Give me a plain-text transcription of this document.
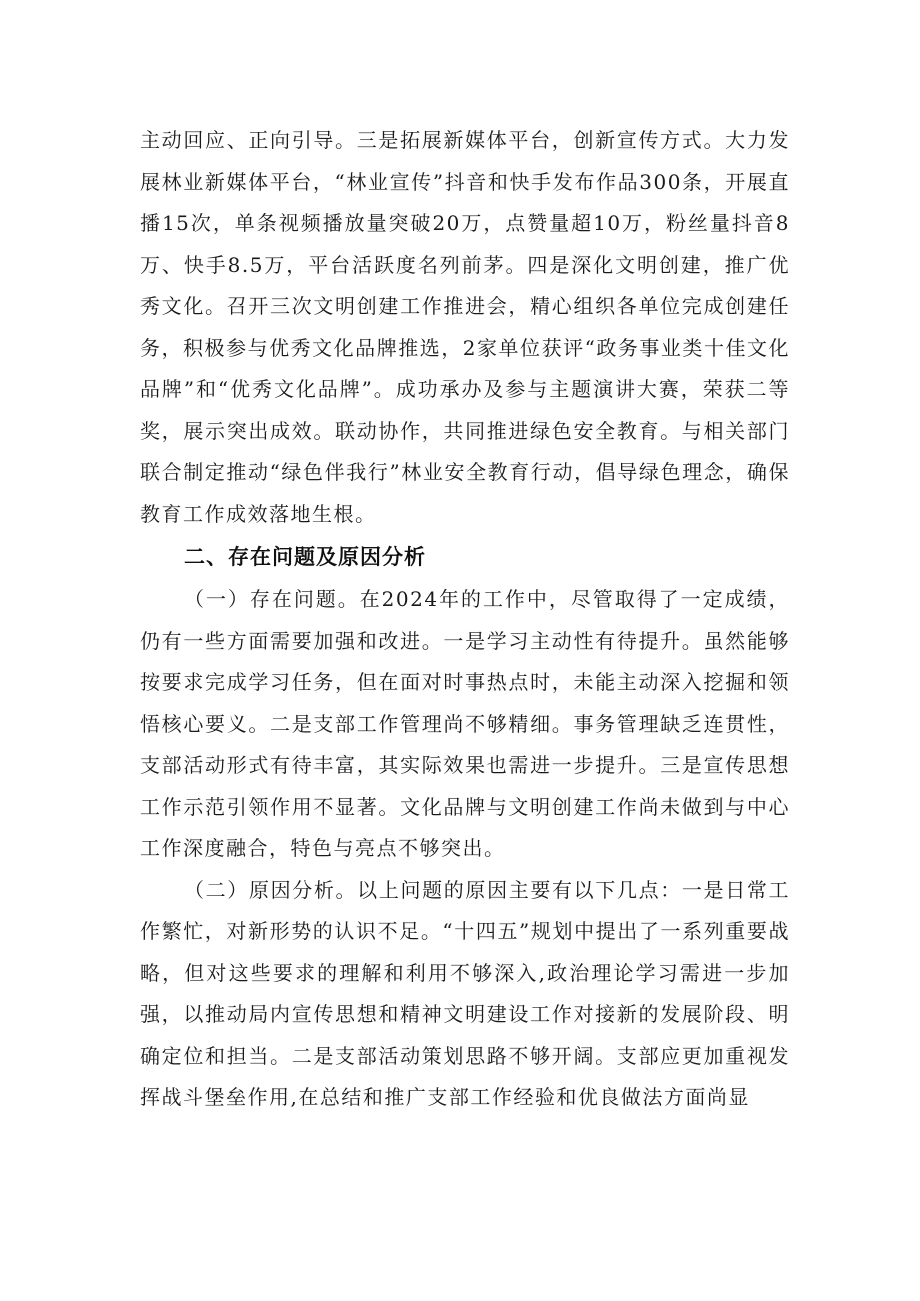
主动回应、正向引导。三是拓展新媒体平台，创新宣传方式。大力发展林业新媒体平台，“林业宣传”抖音和快手发布作品300条，开展直播15次，单条视频播放量突破20万，点赞量超10万，粉丝量抖音8万、快手8.5万，平台活跃度名列前茅。四是深化文明创建，推广优秀文化。召开三次文明创建工作推进会，精心组织各单位完成创建任务，积极参与优秀文化品牌推选，2家单位获评“政务事业类十佳文化品牌”和“优秀文化品牌”。成功承办及参与主题演讲大赛，荣获二等奖，展示突出成效。联动协作，共同推进绿色安全教育。与相关部门联合制定推动“绿色伴我行”林业安全教育行动，倡导绿色理念，确保教育工作成效落地生根。

二、存在问题及原因分析

（一）存在问题。在2024年的工作中，尽管取得了一定成绩，仍有一些方面需要加强和改进。一是学习主动性有待提升。虽然能够按要求完成学习任务，但在面对时事热点时，未能主动深入挖掘和领悟核心要义。二是支部工作管理尚不够精细。事务管理缺乏连贯性，支部活动形式有待丰富，其实际效果也需进一步提升。三是宣传思想工作示范引领作用不显著。文化品牌与文明创建工作尚未做到与中心工作深度融合，特色与亮点不够突出。

（二）原因分析。以上问题的原因主要有以下几点：一是日常工作繁忙，对新形势的认识不足。“十四五”规划中提出了一系列重要战略，但对这些要求的理解和利用不够深入,政治理论学习需进一步加强，以推动局内宣传思想和精神文明建设工作对接新的发展阶段、明确定位和担当。二是支部活动策划思路不够开阔。支部应更加重视发挥战斗堡垒作用,在总结和推广支部工作经验和优良做法方面尚显
